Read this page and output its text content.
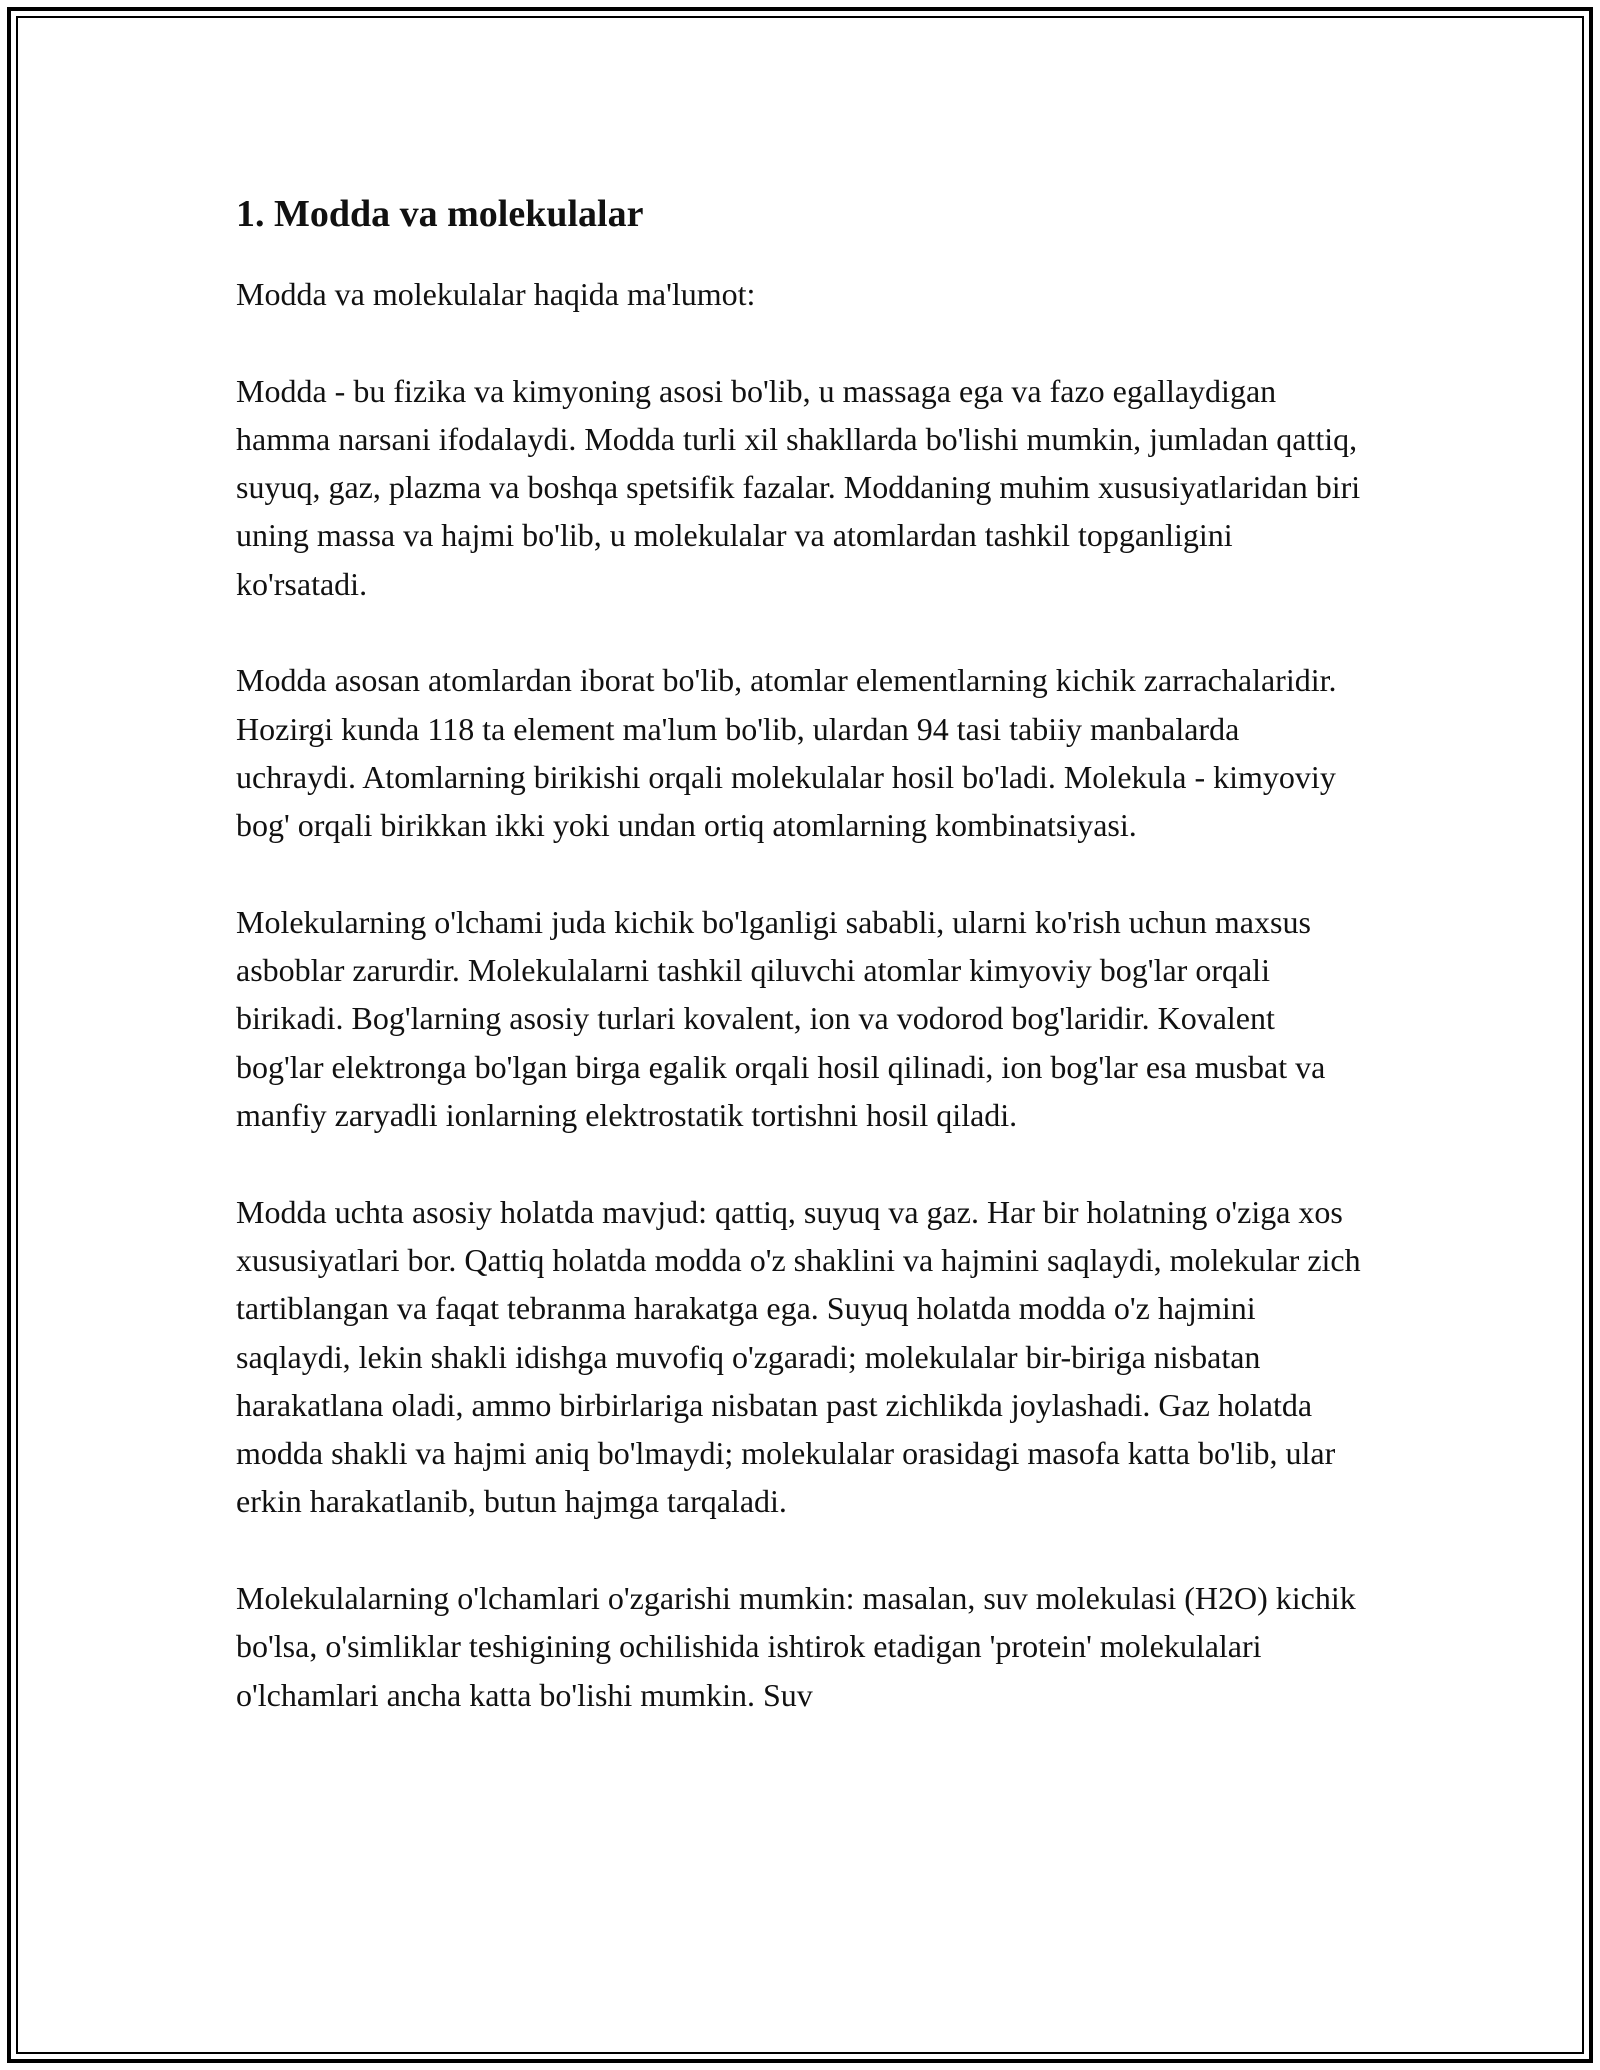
1. Modda va molekulalar

Modda va molekulalar haqida ma'lumot:

Modda - bu fizika va kimyoning asosi bo'lib, u massaga ega va fazo egallaydigan hamma narsani ifodalaydi. Modda turli xil shakllarda bo'lishi mumkin, jumladan qattiq, suyuq, gaz, plazma va boshqa spetsifik fazalar. Moddaning muhim xususiyatlaridan biri uning massa va hajmi bo'lib, u molekulalar va atomlardan tashkil topganligini ko'rsatadi.

Modda asosan atomlardan iborat bo'lib, atomlar elementlarning kichik zarrachalaridir. Hozirgi kunda 118 ta element ma'lum bo'lib, ulardan 94 tasi tabiiy manbalarda uchraydi. Atomlarning birikishi orqali molekulalar hosil bo'ladi. Molekula - kimyoviy bog' orqali birikkan ikki yoki undan ortiq atomlarning kombinatsiyasi.

Molekularning o'lchami juda kichik bo'lganligi sababli, ularni ko'rish uchun maxsus asboblar zarurdir. Molekulalarni tashkil qiluvchi atomlar kimyoviy bog'lar orqali birikadi. Bog'larning asosiy turlari kovalent, ion va vodorod bog'laridir. Kovalent bog'lar elektronga bo'lgan birga egalik orqali hosil qilinadi, ion bog'lar esa musbat va manfiy zaryadli ionlarning elektrostatik tortishni hosil qiladi.

Modda uchta asosiy holatda mavjud: qattiq, suyuq va gaz. Har bir holatning o'ziga xos xususiyatlari bor. Qattiq holatda modda o'z shaklini va hajmini saqlaydi, molekular zich tartiblangan va faqat tebranma harakatga ega. Suyuq holatda modda o'z hajmini saqlaydi, lekin shakli idishga muvofiq o'zgaradi; molekulalar bir-biriga nisbatan harakatlana oladi, ammo birbirlariga nisbatan past zichlikda joylashadi. Gaz holatda modda shakli va hajmi aniq bo'lmaydi; molekulalar orasidagi masofa katta bo'lib, ular erkin harakatlanib, butun hajmga tarqaladi.

Molekulalarning o'lchamlari o'zgarishi mumkin: masalan, suv molekulasi (H2O) kichik bo'lsa, o'simliklar teshigining ochilishida ishtirok etadigan 'protein' molekulalari o'lchamlari ancha katta bo'lishi mumkin. Suv
